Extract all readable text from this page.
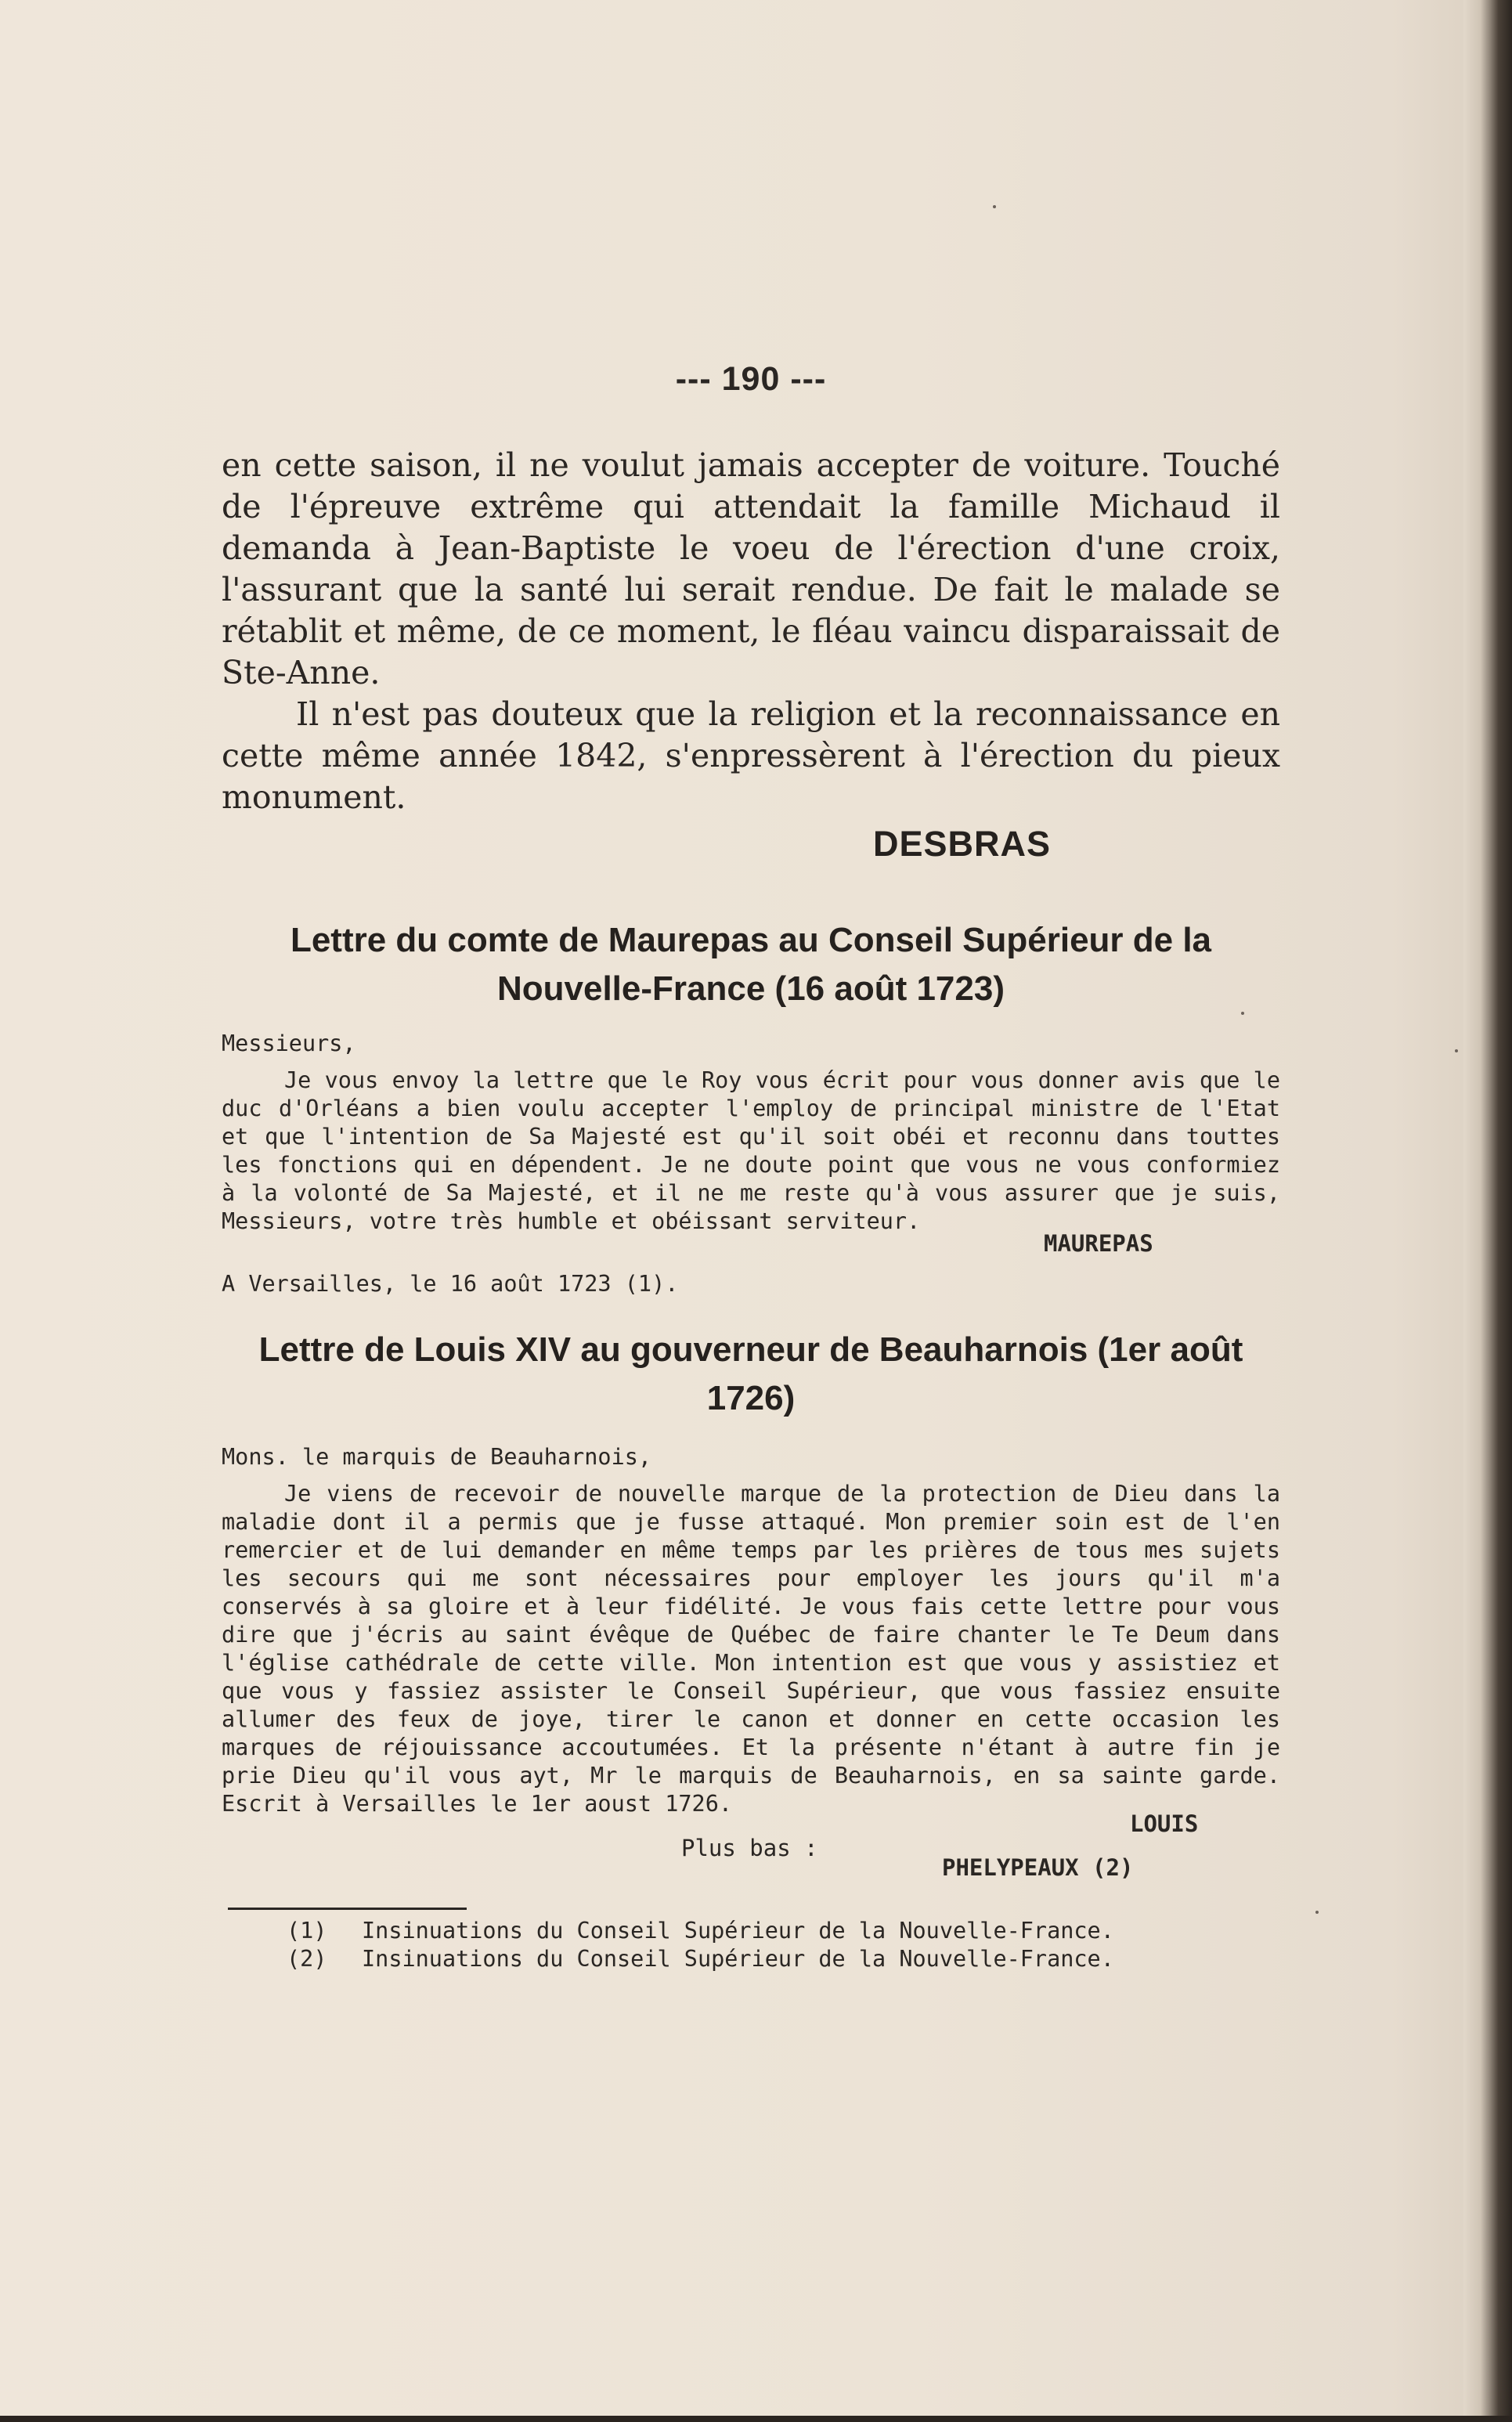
--- 190 ---

en cette saison, il ne voulut jamais accepter de voiture. Touché de l'épreuve extrême qui attendait la famille Michaud il demanda à Jean-Baptiste le voeu de l'érection d'une croix, l'assurant que la santé lui serait rendue. De fait le malade se rétablit et même, de ce moment, le fléau vaincu disparaissait de Ste-Anne.

Il n'est pas douteux que la religion et la reconnaissance en cette même année 1842, s'enpressèrent à l'érection du pieux monument.

DESBRAS
Lettre du comte de Maurepas au Conseil Supérieur de la Nouvelle-France (16 août 1723)
Messieurs,

Je vous envoy la lettre que le Roy vous écrit pour vous donner avis que le duc d'Orléans a bien voulu accepter l'employ de principal ministre de l'Etat et que l'intention de Sa Majesté est qu'il soit obéi et reconnu dans touttes les fonctions qui en dépendent. Je ne doute point que vous ne vous conformiez à la volonté de Sa Majesté, et il ne me reste qu'à vous assurer que je suis, Messieurs, votre très humble et obéissant serviteur.

MAUREPAS
A Versailles, le 16 août 1723 (1).
Lettre de Louis XIV au gouverneur de Beauharnois (1er août 1726)
Mons. le marquis de Beauharnois,

Je viens de recevoir de nouvelle marque de la protection de Dieu dans la maladie dont il a permis que je fusse attaqué. Mon premier soin est de l'en remercier et de lui demander en même temps par les prières de tous mes sujets les secours qui me sont nécessaires pour employer les jours qu'il m'a conservés à sa gloire et à leur fidélité. Je vous fais cette lettre pour vous dire que j'écris au saint évêque de Québec de faire chanter le Te Deum dans l'église cathédrale de cette ville. Mon intention est que vous y assistiez et que vous y fassiez assister le Conseil Supérieur, que vous fassiez ensuite allumer des feux de joye, tirer le canon et donner en cette occasion les marques de réjouissance accoutumées. Et la présente n'étant à autre fin je prie Dieu qu'il vous ayt, Mr le marquis de Beauharnois, en sa sainte garde. Escrit à Versailles le 1er aoust 1726.

LOUIS
Plus bas :
PHELYPEAUX (2)
(1)	Insinuations du Conseil Supérieur de la Nouvelle-France.
(2)	Insinuations du Conseil Supérieur de la Nouvelle-France.
